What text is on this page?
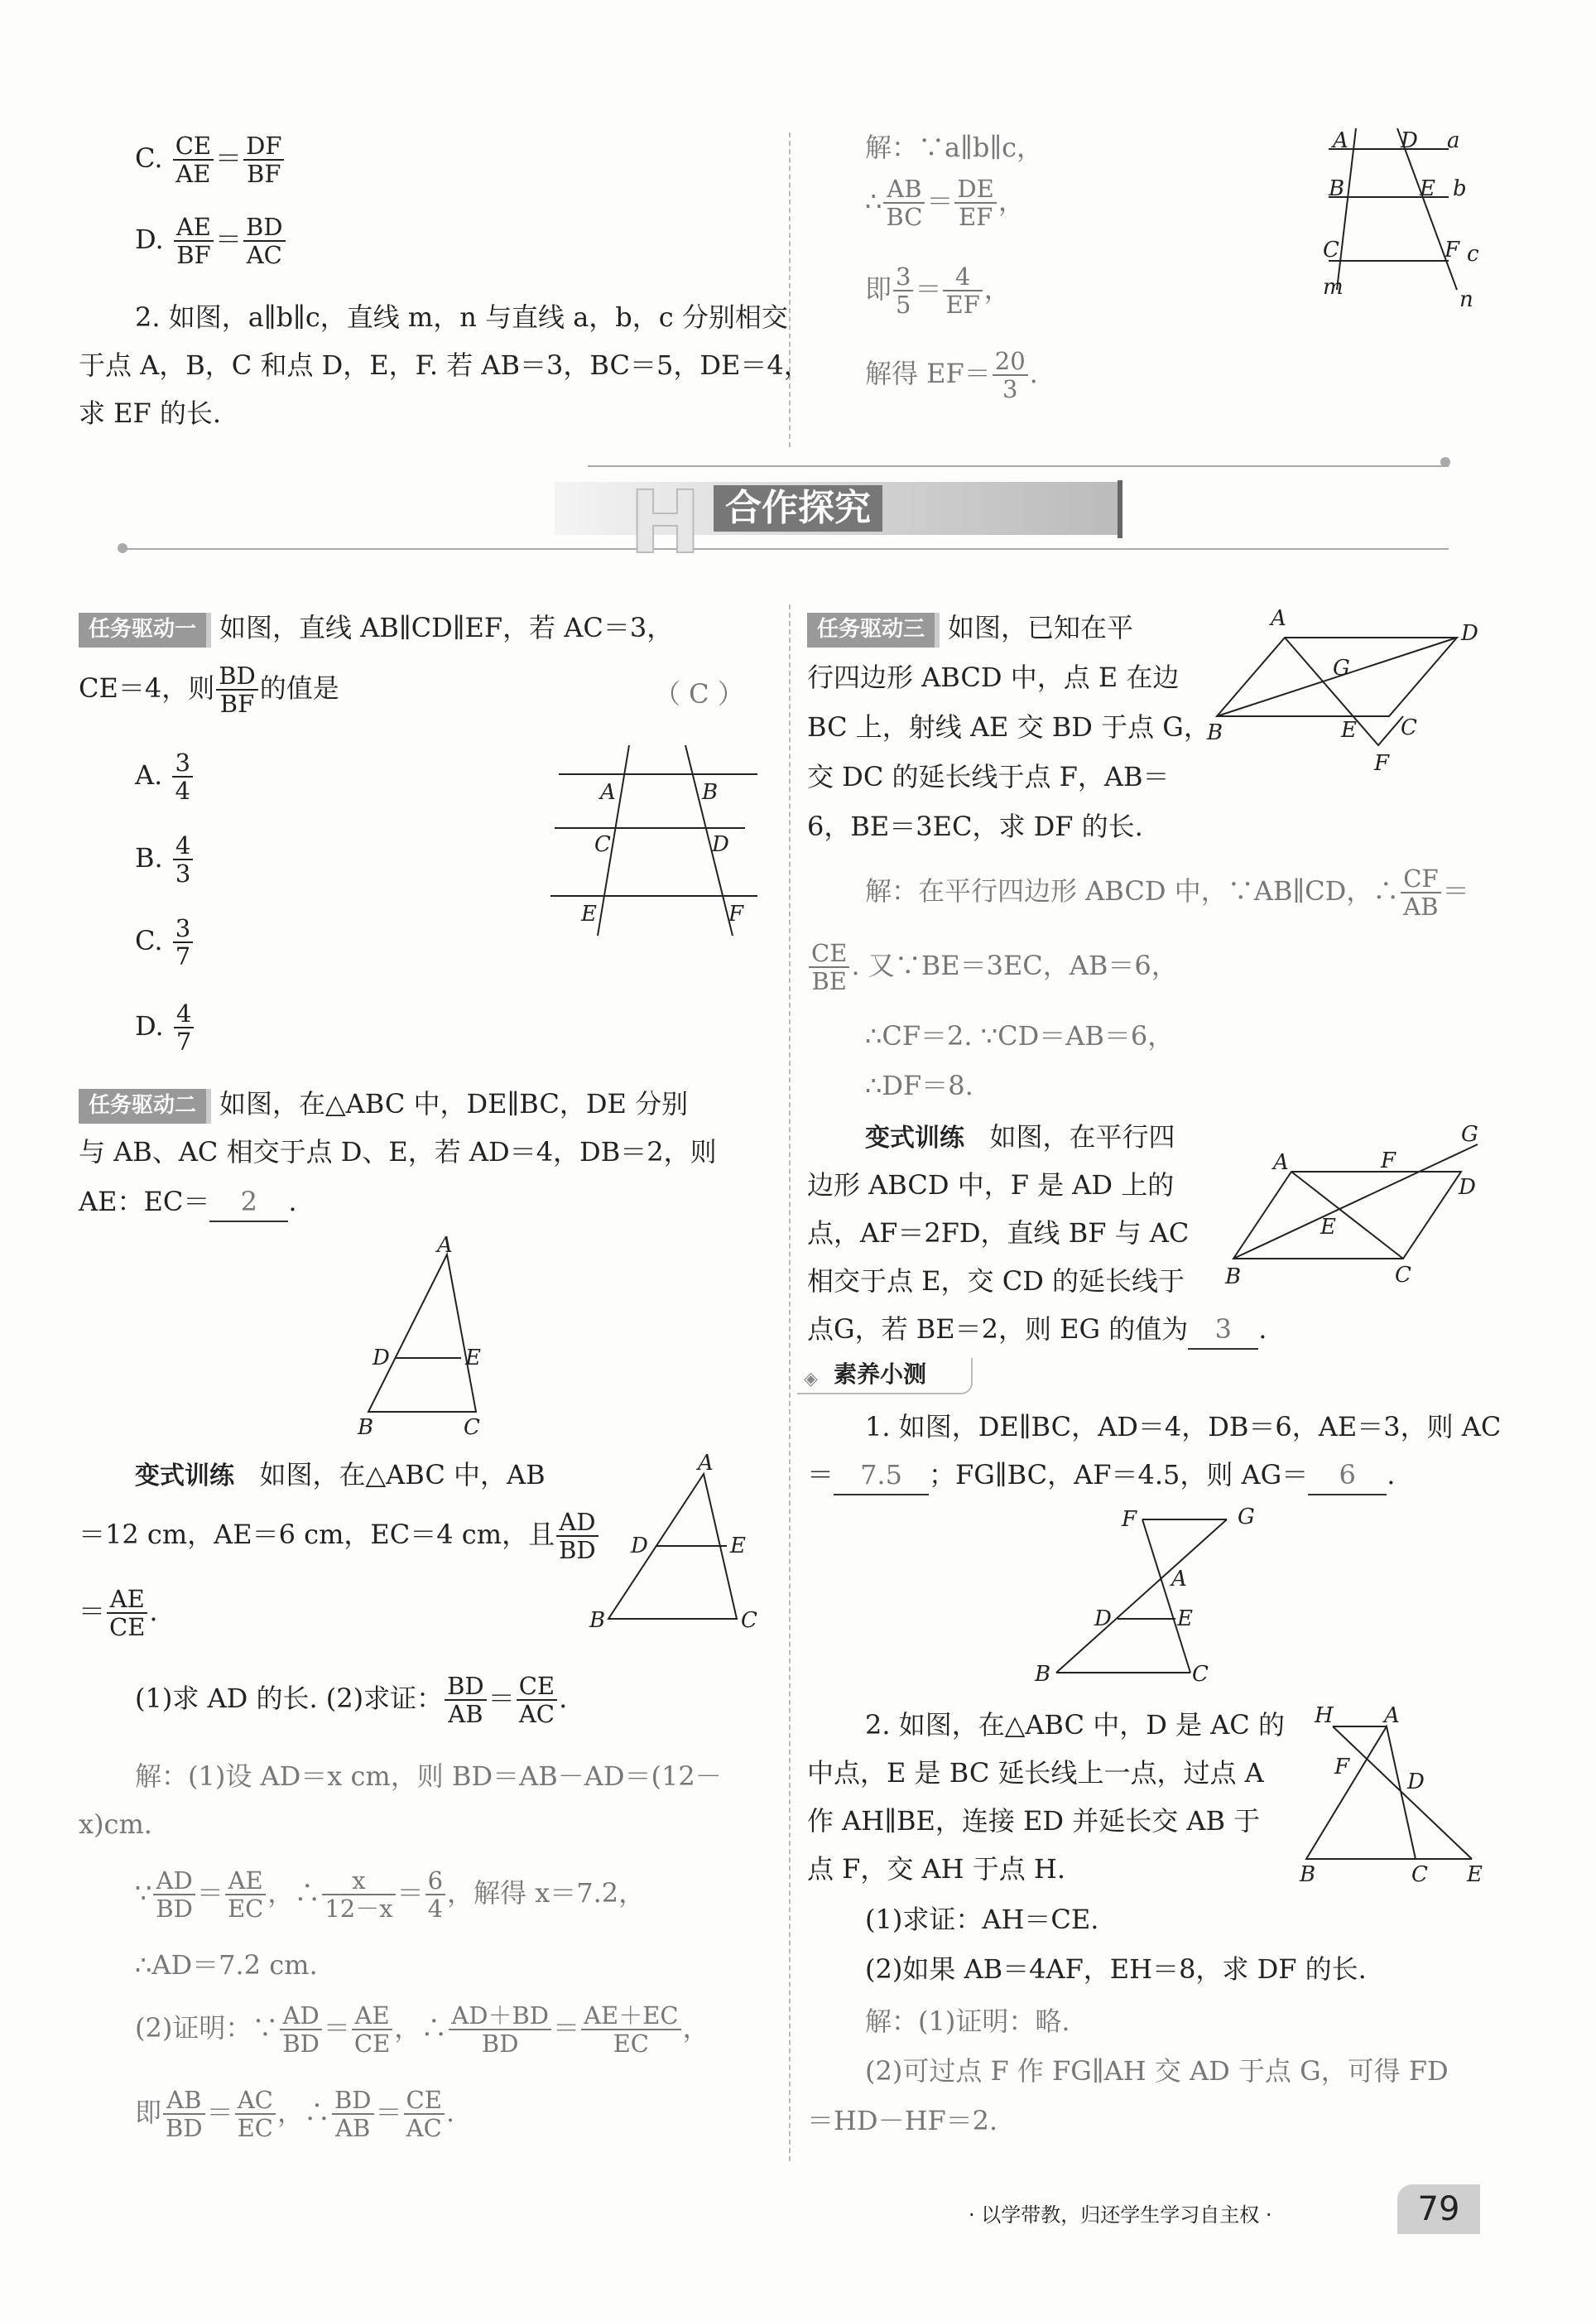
C. $\frac{CE}{AE} = \frac{DF}{BF}$
D. $\frac{AE}{BF} = \frac{BD}{AC}$
2. 如图，a∥b∥c，直线 m，n 与直线 a，b，c 分别相交
于点 A，B，C 和点 D，E，F. 若 AB＝3，BC＝5，DE＝4，
求 EF 的长.
解：∵a∥b∥c，
∴ $\frac{AB}{BC} = \frac{DE}{EF}$ ，
即 $\frac{3}{5} = \frac{4}{EF}$ ，
解得 $EF= \frac{20}{3}$ .
A D a
B	E b
C	F c
m	n
H 合作探究
任务驱动一 如图，直线 AB∥CD∥EF，若 AC＝3，
CE＝4，则 $\frac{BD}{BF}$ 的值是	（ C ）
A. $\frac{3}{4}$
B. $\frac{4}{3}$
C. $\frac{3}{7}$
D. $\frac{4}{7}$
A	B
C	D
E	F
任务驱动二 如图，在△ABC 中，DE∥BC，DE 分别
与 AB、AC 相交于点 D、E，若 AD＝4，DB＝2，则
AE：EC＝ 2 .
A
D	E
B	C
变式训练 如图，在△ABC 中，AB
＝12 cm，AE＝6 cm，EC＝4 cm，且 $\frac{AD}{BD}$
＝ $\frac{AE}{CE}$ .
(1)求 AD 的长. (2)求证： $\frac{BD}{AB} = \frac{CE}{AC}$ .
解：(1)设 AD＝x cm，则 BD＝AB－AD＝(12－
x)cm.
∵ $\frac{AD}{BD} = \frac{AE}{EC}$ ，∴ $\frac{x}{12-x} = \frac{6}{4}$ ，解得 x＝7.2，
∴AD＝7.2 cm.
(2)证明：∵ $\frac{AD}{BD} = \frac{AE}{CE}$ ，∴ $\frac{AD+BD}{BD} = \frac{AE+EC}{EC}$ ，
即 $\frac{AB}{BD} = \frac{AC}{EC}$ ，∴ $\frac{BD}{AB} = \frac{CE}{AC}$ .
A
D	E
B	C
任务驱动三 如图，已知在平
行四边形 ABCD 中，点 E 在边
BC 上，射线 AE 交 BD 于点 G，
交 DC 的延长线于点 F，AB＝
6，BE＝3EC，求 DF 的长.
解：在平行四边形 ABCD 中，∵AB∥CD，∴ $\frac{CF}{AB}$ ＝
$\frac{CE}{BE}$ . 又∵BE＝3EC，AB＝6，
∴CF＝2. ∵CD＝AB＝6，
∴DF＝8.
A
D
G
B	E C
F
变式训练 如图，在平行四
边形 ABCD 中，F 是 AD 上的
点，AF＝2FD，直线 BF 与 AC
相交于点 E，交 CD 的延长线于
点G，若 BE＝2，则 EG 的值为 3 .
G
A	F
D
E
B	C
◈ 素养小测
1. 如图，DE∥BC，AD＝4，DB＝6，AE＝3，则 AC
＝ 7.5 ；FG∥BC，AF＝4.5，则 AG＝ 6 .
F	G
A
D	E
B	C
2. 如图，在△ABC 中，D 是 AC 的
中点，E 是 BC 延长线上一点，过点 A
作 AH∥BE，连接 ED 并延长交 AB 于
点 F，交 AH 于点 H.
(1)求证：AH＝CE.
(2)如果 AB＝4AF，EH＝8，求 DF 的长.
解：(1)证明：略.
(2)可过点 F 作 FG∥AH 交 AD 于点 G，可得 FD
＝HD－HF＝2.
H A
F
D
B	C E
· 以学带教，归还学生学习自主权 ·	79
